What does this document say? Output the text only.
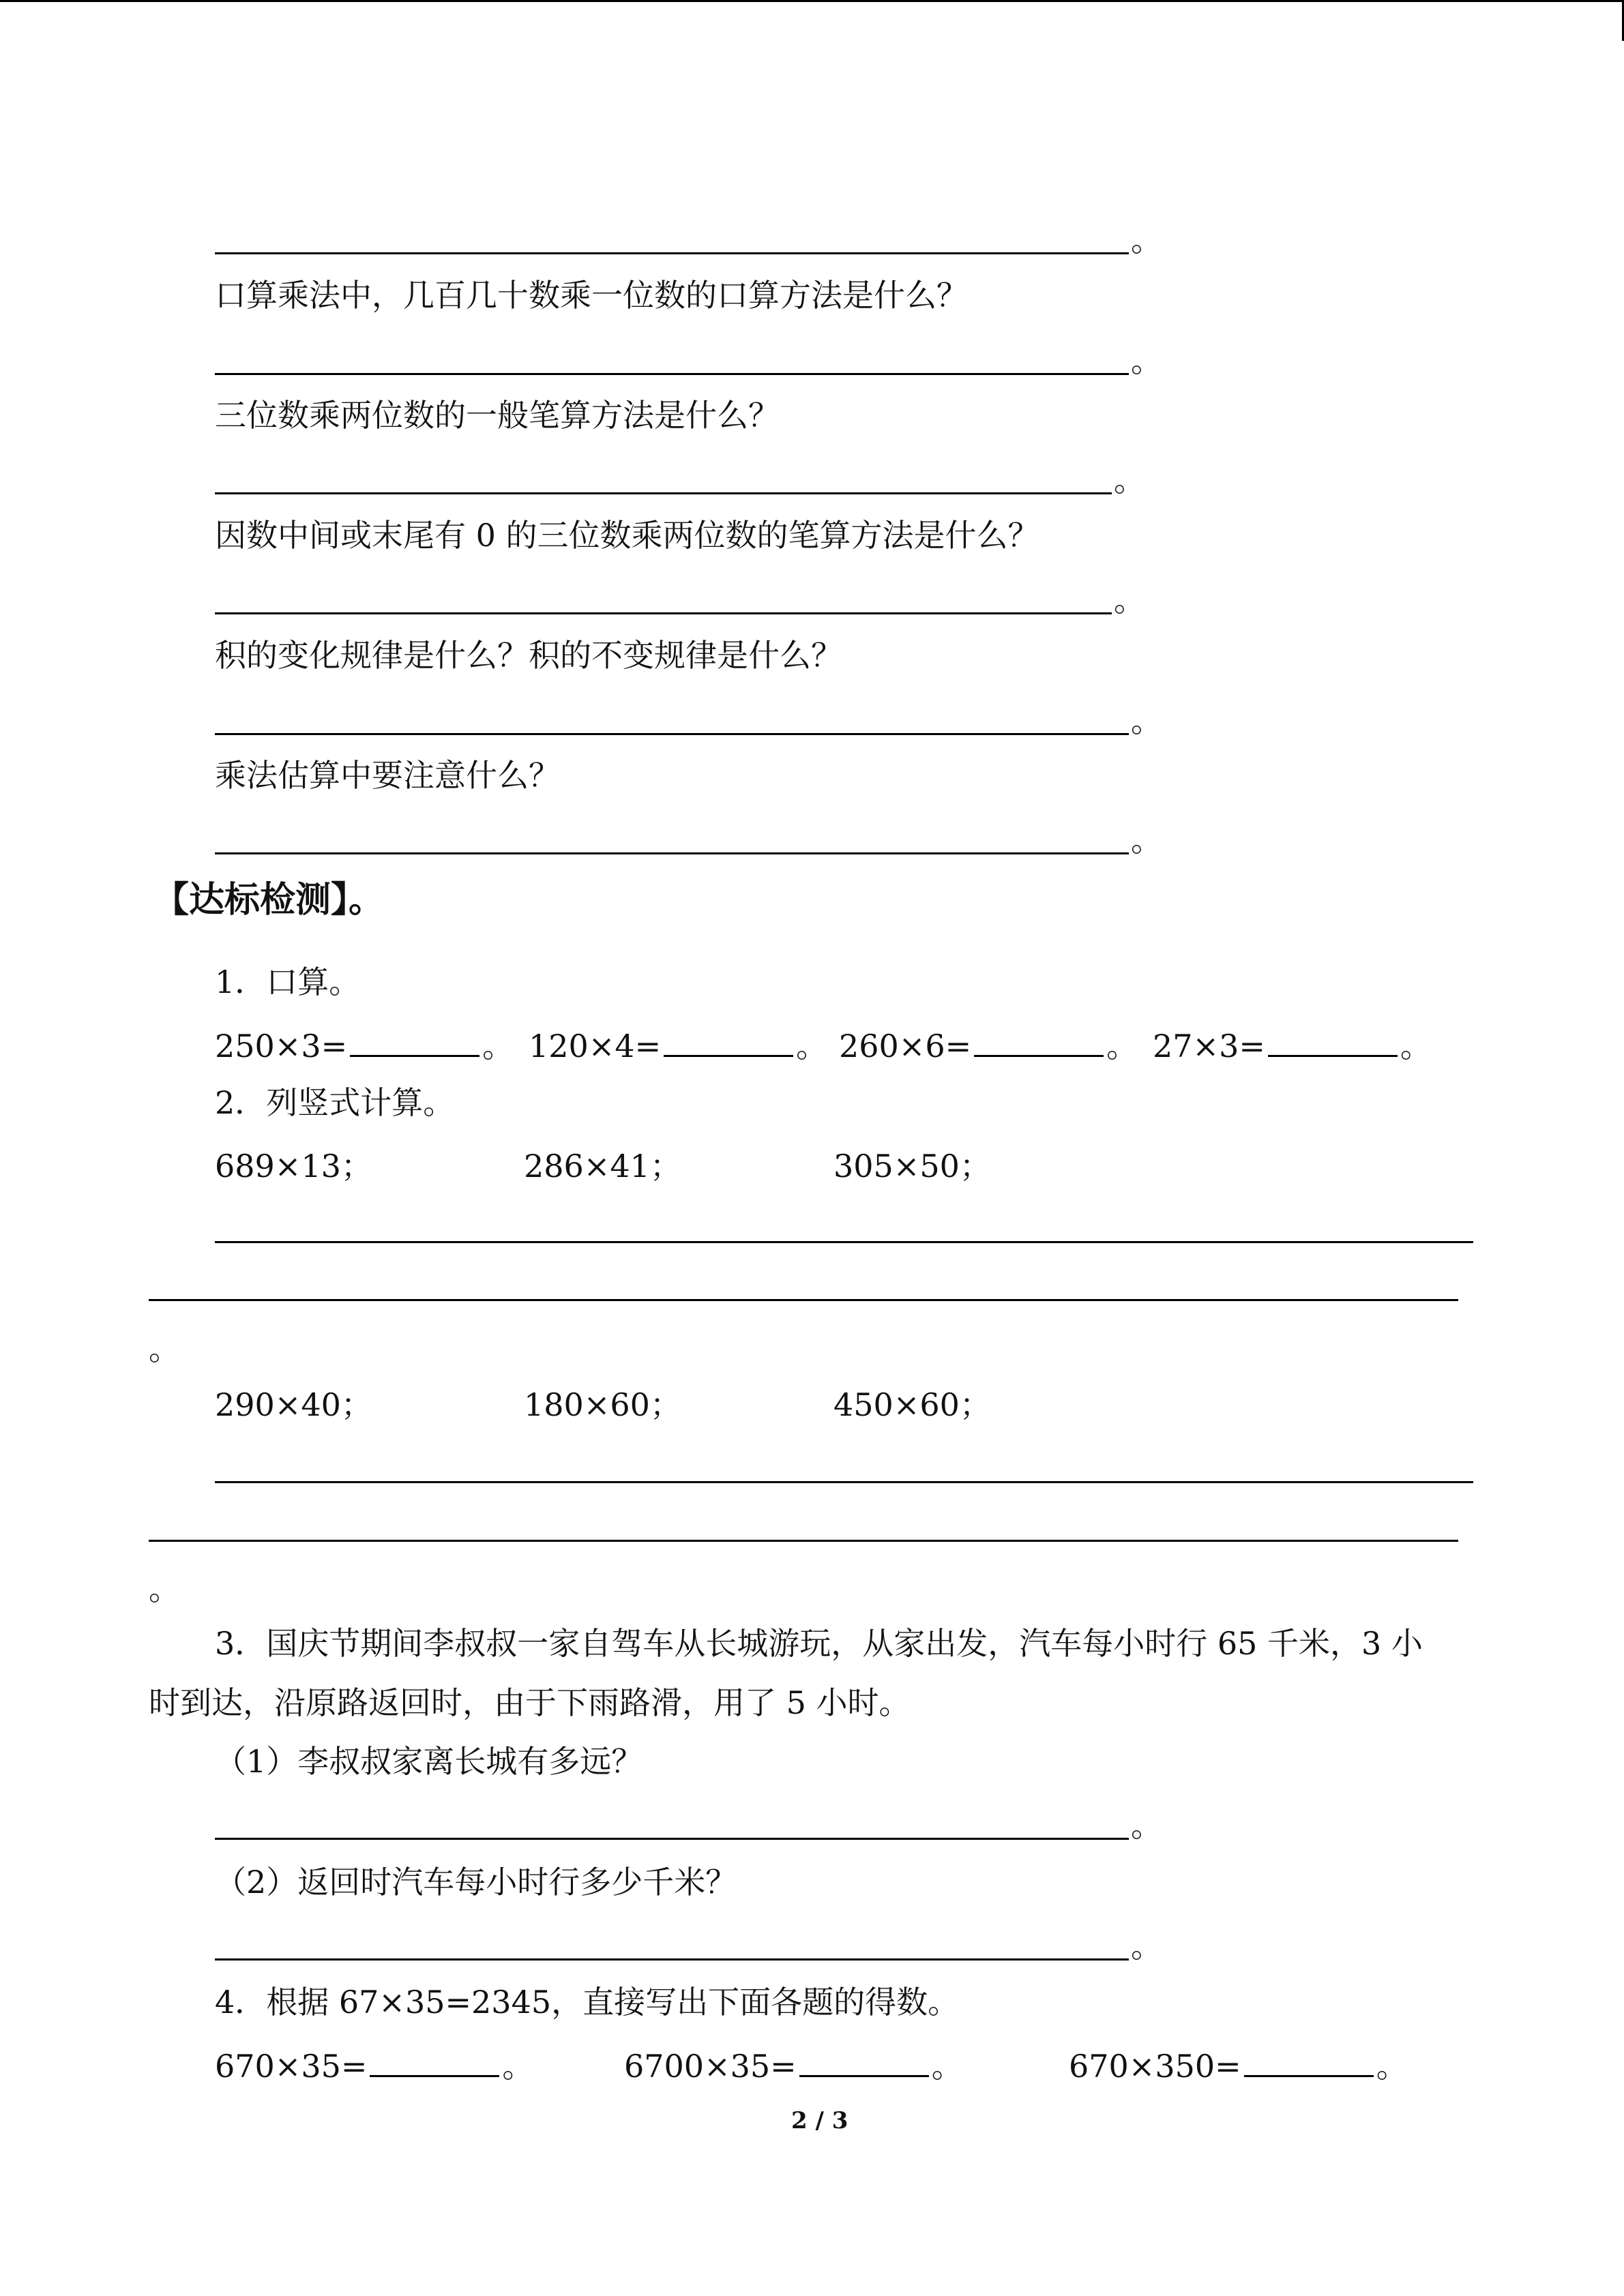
。
口算乘法中，几百几十数乘一位数的口算方法是什么？
。
三位数乘两位数的一般笔算方法是什么？
。
因数中间或末尾有 0 的三位数乘两位数的笔算方法是什么？
。
积的变化规律是什么？积的不变规律是什么？
。
乘法估算中要注意什么？
。
【达标检测】。
1．口算。
250×3=	。 120×4=	。 260×6=	。 27×3=	。
2．列竖式计算。
689×13；	286×41；	305×50；
。
290×40；	180×60；	450×60；
。
3．国庆节期间李叔叔一家自驾车从长城游玩，从家出发，汽车每小时行 65 千米，3 小
时到达，沿原路返回时，由于下雨路滑，用了 5 小时。
（1）李叔叔家离长城有多远？
。
（2）返回时汽车每小时行多少千米？
。
4．根据 67×35=2345，直接写出下面各题的得数。
670×35=	。	6700×35=	。	670×350=	。
2 / 3
